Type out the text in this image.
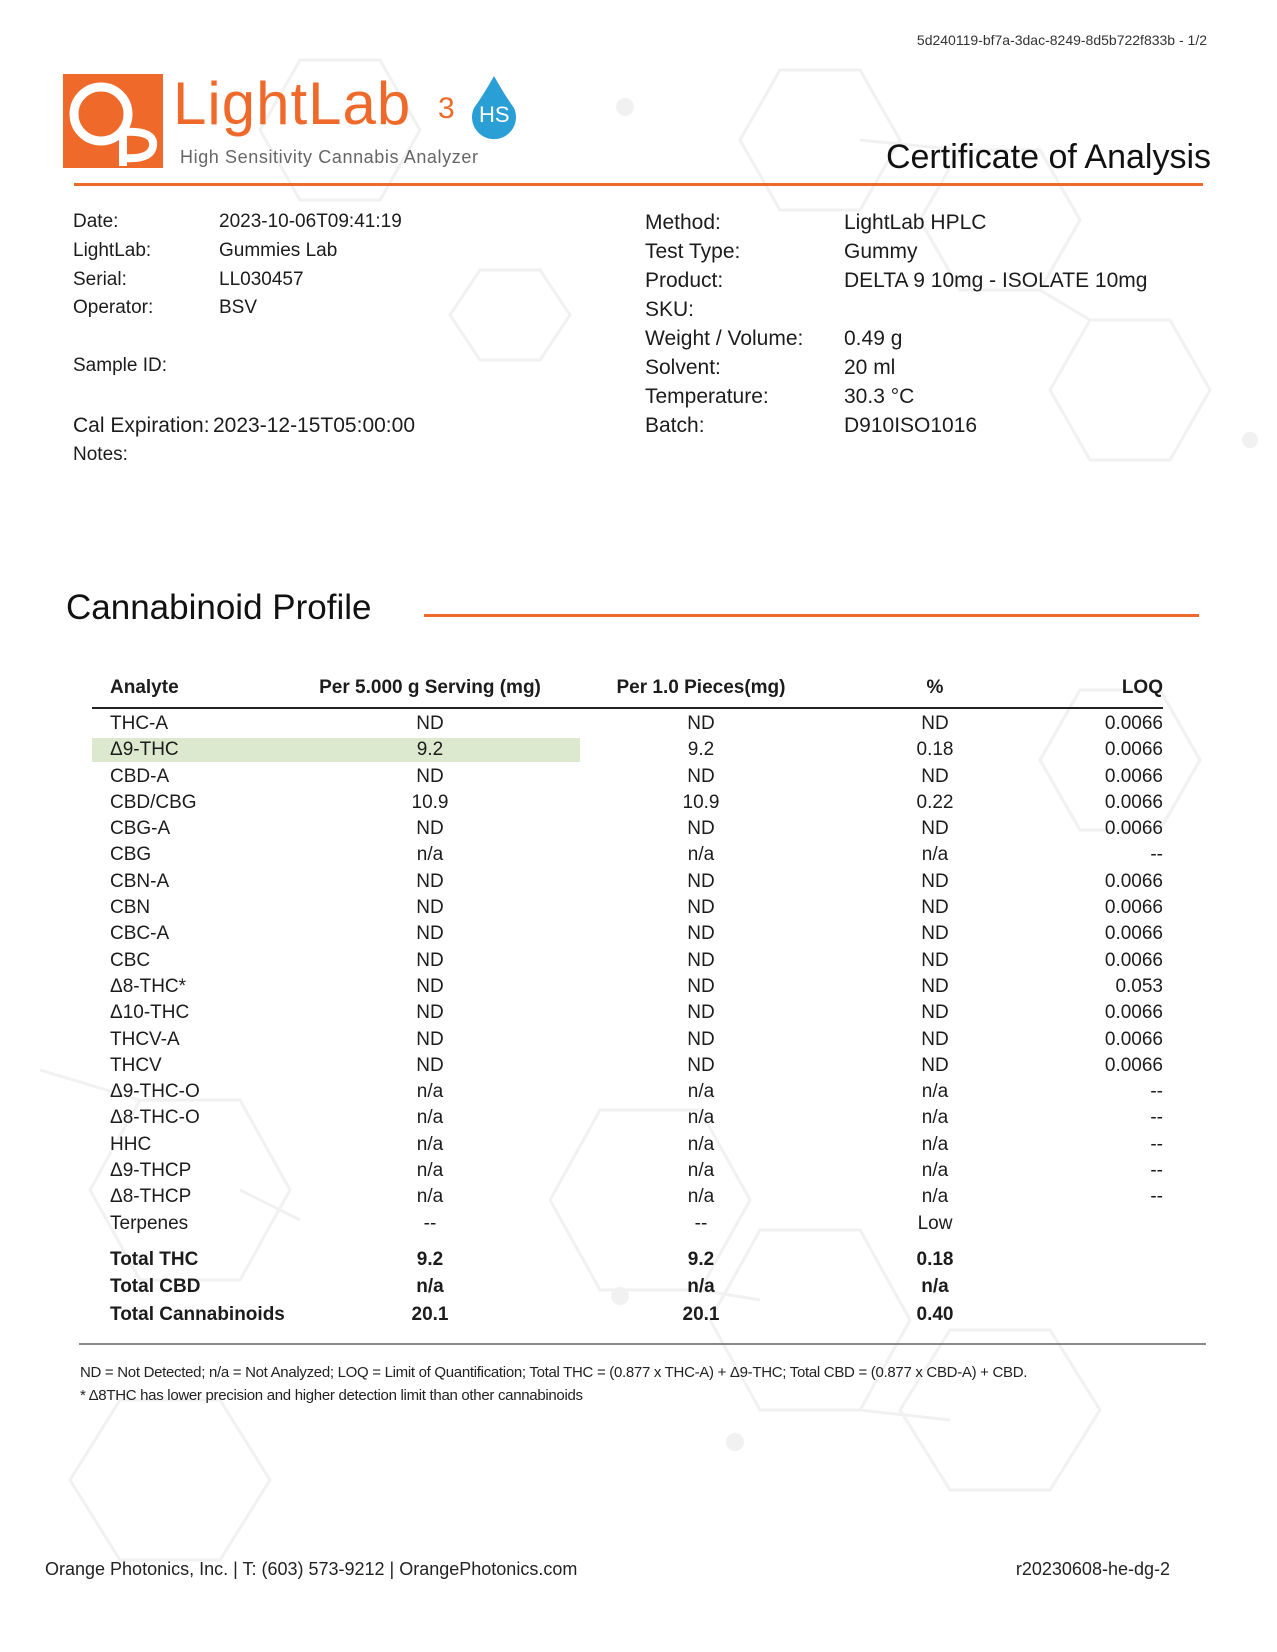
5d240119-bf7a-3dac-8249-8d5b722f833b - 1/2
LightLab 3 HS
High Sensitivity Cannabis Analyzer	Certificate of Analysis
Date:	2023-10-06T09:41:19
LightLab:	Gummies Lab
Serial:	LL030457
Operator:	BSV
Sample ID:
Cal Expiration: 2023-12-15T05:00:00
Notes:
Method:	LightLab HPLC
Test Type:	Gummy
Product:	DELTA 9 10mg - ISOLATE 10mg
SKU:
Weight / Volume: 0.49 g
Solvent:	20 ml
Temperature:	30.3 °C
Batch:	D910ISO1016
Cannabinoid Profile
Analyte	Per 5.000 g Serving (mg)	Per 1.0 Pieces(mg)	%	LOQ
THC-A	ND	ND	ND	0.0066
Δ9-THC	9.2	9.2	0.18	0.0066
CBD-A	ND	ND	ND	0.0066
CBD/CBG	10.9	10.9	0.22	0.0066
CBG-A	ND	ND	ND	0.0066
CBG	n/a	n/a	n/a	--
CBN-A	ND	ND	ND	0.0066
CBN	ND	ND	ND	0.0066
CBC-A	ND	ND	ND	0.0066
CBC	ND	ND	ND	0.0066
Δ8-THC*	ND	ND	ND	0.053
Δ10-THC	ND	ND	ND	0.0066
THCV-A	ND	ND	ND	0.0066
THCV	ND	ND	ND	0.0066
Δ9-THC-O	n/a	n/a	n/a	--
Δ8-THC-O	n/a	n/a	n/a	--
HHC	n/a	n/a	n/a	--
Δ9-THCP	n/a	n/a	n/a	--
Δ8-THCP	n/a	n/a	n/a	--
Terpenes	--	--	Low
Total THC	9.2	9.2	0.18
Total CBD	n/a	n/a	n/a
Total Cannabinoids	20.1	20.1	0.40
ND = Not Detected; n/a = Not Analyzed; LOQ = Limit of Quantification; Total THC = (0.877 x THC-A) + Δ9-THC; Total CBD = (0.877 x CBD-A) + CBD.
* Δ8THC has lower precision and higher detection limit than other cannabinoids
Orange Photonics, Inc. | T: (603) 573-9212 | OrangePhotonics.com	r20230608-he-dg-2
